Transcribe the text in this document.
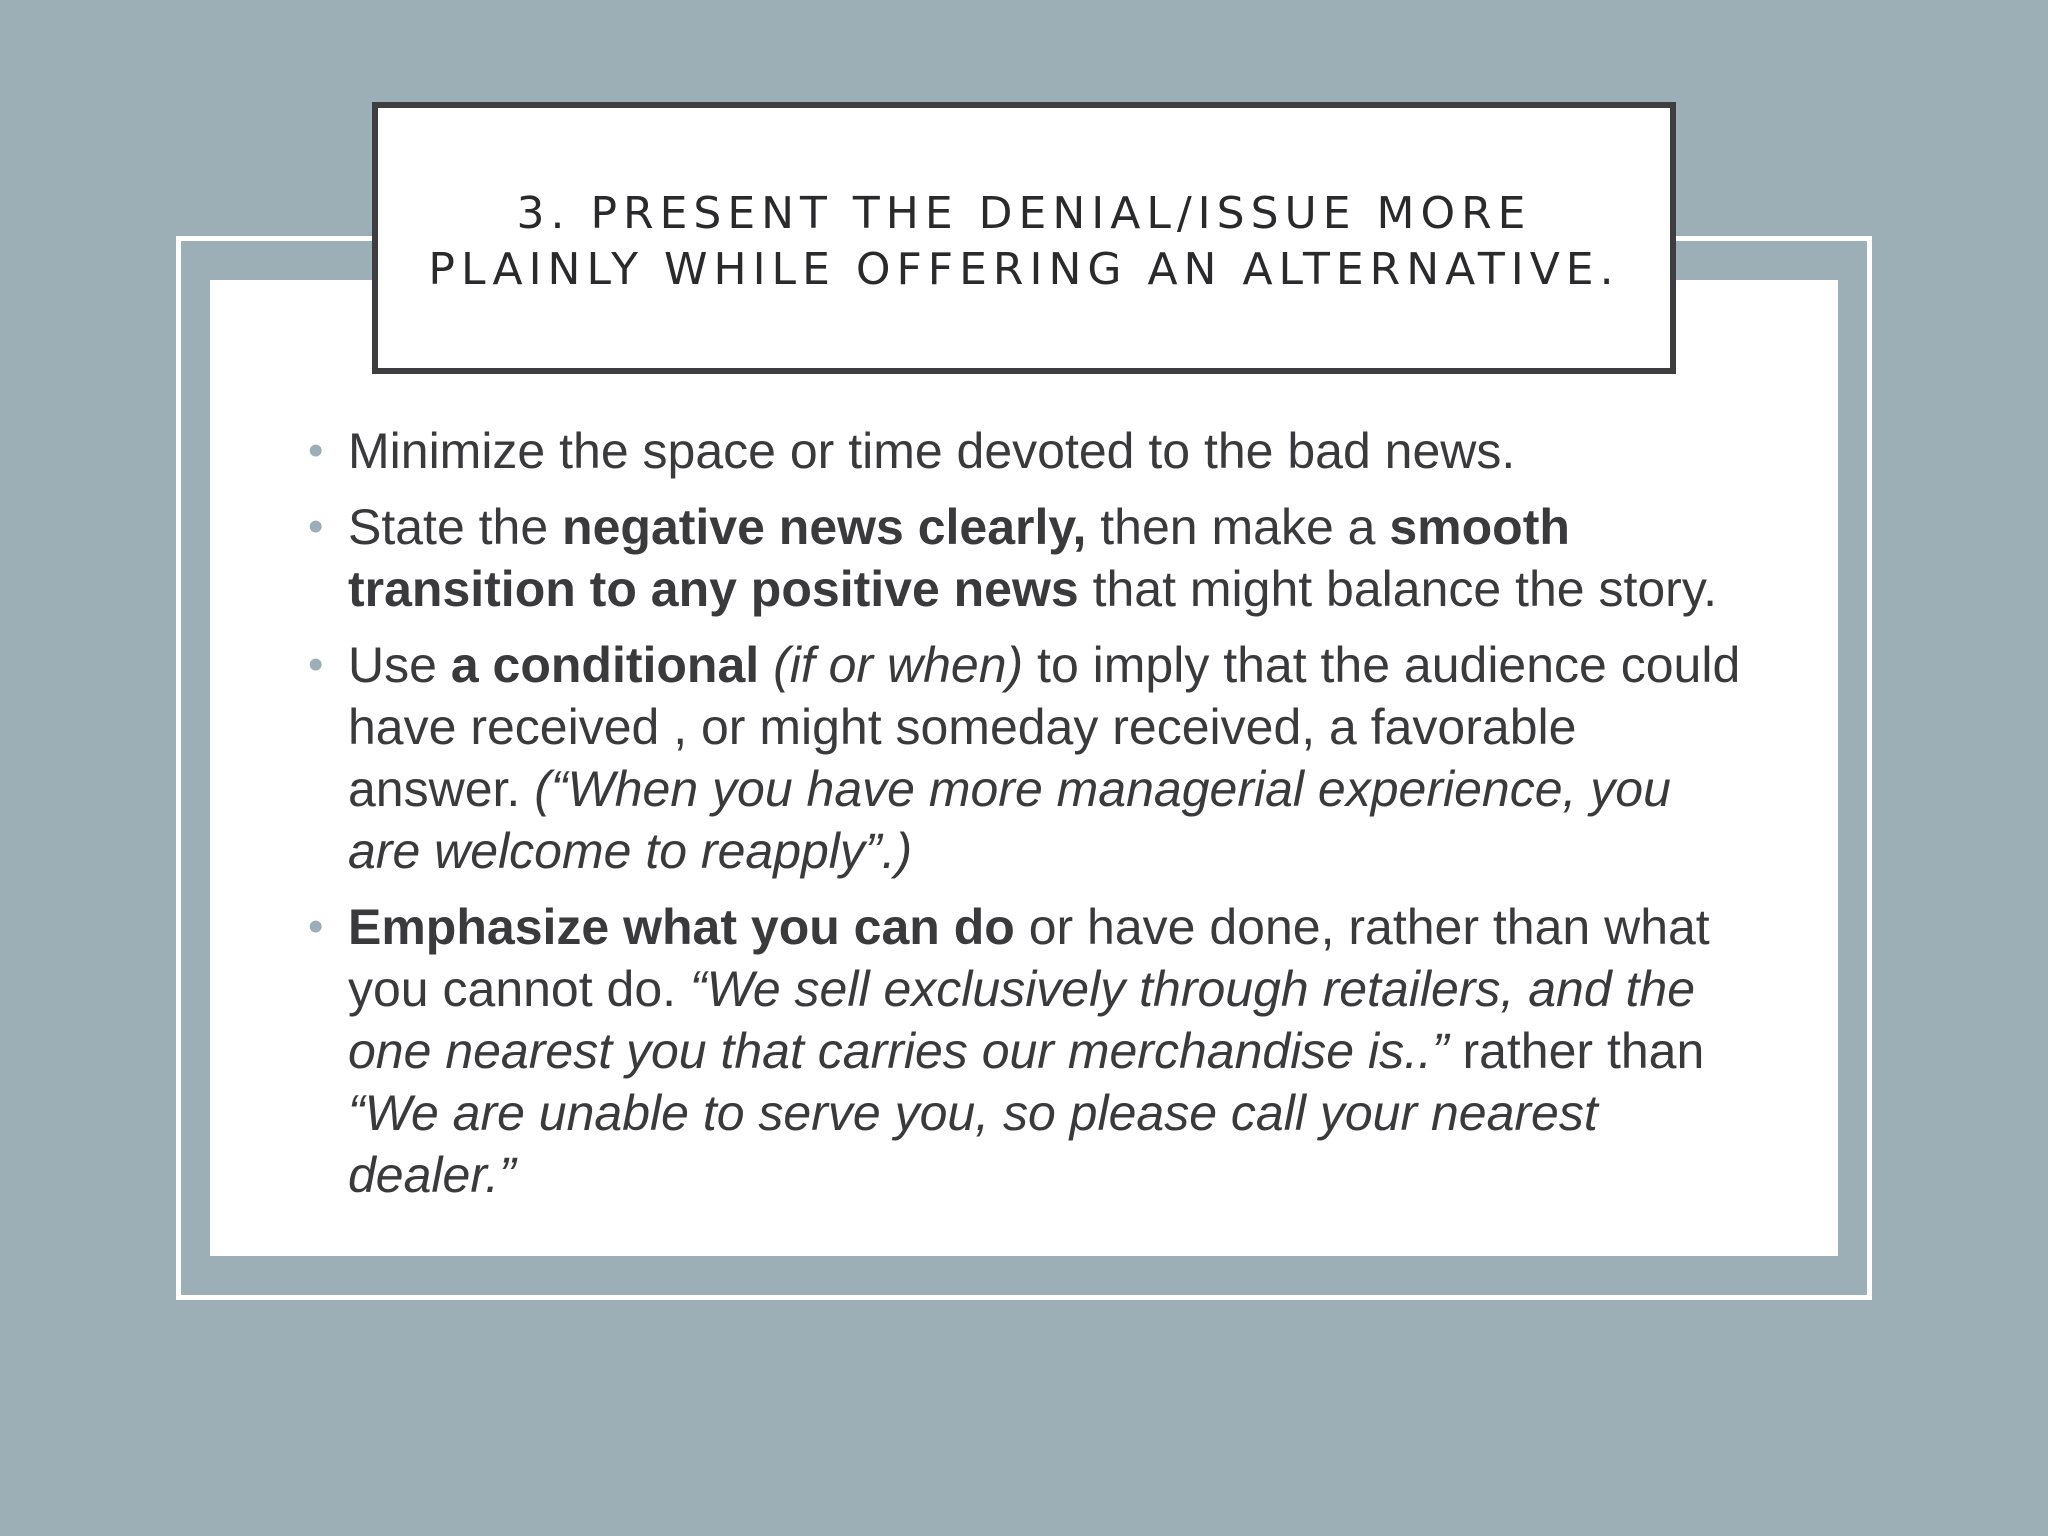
3. PRESENT THE DENIAL/ISSUE MORE
PLAINLY WHILE OFFERING AN ALTERNATIVE.
• Minimize the space or time devoted to the bad news.
• State the negative news clearly, then make a smooth transition to any positive news that might balance the story.
• Use a conditional (if or when) to imply that the audience could have received , or might someday received, a favorable answer. (“When you have more managerial experience, you are welcome to reapply”.)
• Emphasize what you can do or have done, rather than what you cannot do. “We sell exclusively through retailers, and the one nearest you that carries our merchandise is..” rather than “We are unable to serve you, so please call your nearest dealer.”
